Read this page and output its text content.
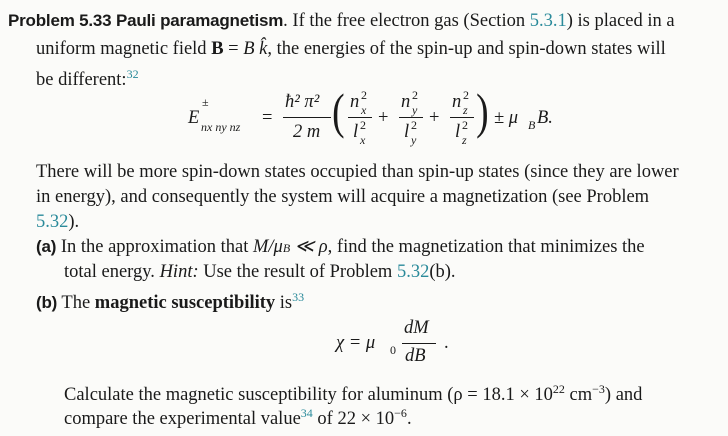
Problem 5.33 Pauli paramagnetism. If the free electron gas (Section 5.3.1) is placed in a
uniform magnetic field B = B k̂, the energies of the spin-up and spin-down states will
be different:$^{32}$
E
±
nx ny nz =
ħ² π²
2 m ( n 2
x
l 2
x
+
n 2
y
l 2
y
+
n 2
z
l 2
z
) ± μ B B.
There will be more spin-down states occupied than spin-up states (since they are lower
in energy), and consequently the system will acquire a magnetization (see Problem
5.32).
(a) In the approximation that M/μB ≪ ρ, find the magnetization that minimizes the
total energy. Hint: Use the result of Problem 5.32(b).
(b) The magnetic susceptibility $is^{33}$
χ = μ 0
dM
dB
.
Calculate the magnetic susceptibility for aluminum ($\rho = 18.1 \times 10^{22}$ $cm^{-3}$) and
compare the experimental value$^{34}$ of $22 \times 10^{-6}$.
